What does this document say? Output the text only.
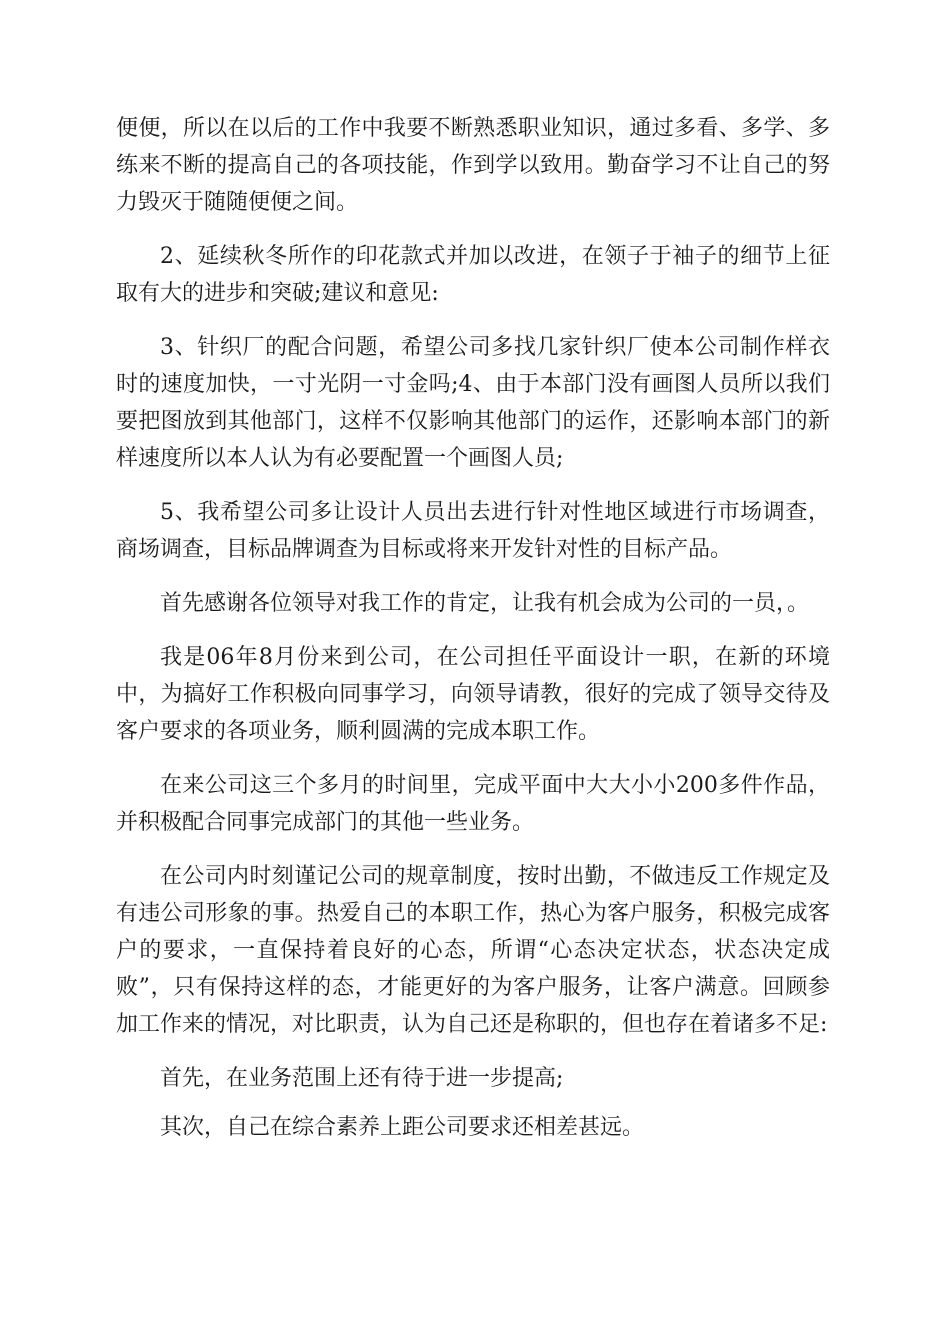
便便，所以在以后的工作中我要不断熟悉职业知识，通过多看、多学、多练来不断的提高自己的各项技能，作到学以致用。勤奋学习不让自己的努力毁灭于随随便便之间。

2、延续秋冬所作的印花款式并加以改进，在领子于袖子的细节上征取有大的进步和突破;建议和意见:

3、针织厂的配合问题，希望公司多找几家针织厂使本公司制作样衣时的速度加快，一寸光阴一寸金吗;4、由于本部门没有画图人员所以我们要把图放到其他部门，这样不仅影响其他部门的运作，还影响本部门的新样速度所以本人认为有必要配置一个画图人员;

5、我希望公司多让设计人员出去进行针对性地区域进行市场调查，商场调查，目标品牌调查为目标或将来开发针对性的目标产品。

首先感谢各位领导对我工作的肯定，让我有机会成为公司的一员，。

我是06年8月份来到公司，在公司担任平面设计一职，在新的环境中，为搞好工作积极向同事学习，向领导请教，很好的完成了领导交待及客户要求的各项业务，顺利圆满的完成本职工作。

在来公司这三个多月的时间里，完成平面中大大小小200多件作品，并积极配合同事完成部门的其他一些业务。

在公司内时刻谨记公司的规章制度，按时出勤，不做违反工作规定及有违公司形象的事。热爱自己的本职工作，热心为客户服务，积极完成客户的要求，一直保持着良好的心态，所谓“心态决定状态，状态决定成败”，只有保持这样的态，才能更好的为客户服务，让客户满意。回顾参加工作来的情况，对比职责，认为自己还是称职的，但也存在着诸多不足:

首先，在业务范围上还有待于进一步提高;

其次，自己在综合素养上距公司要求还相差甚远。
